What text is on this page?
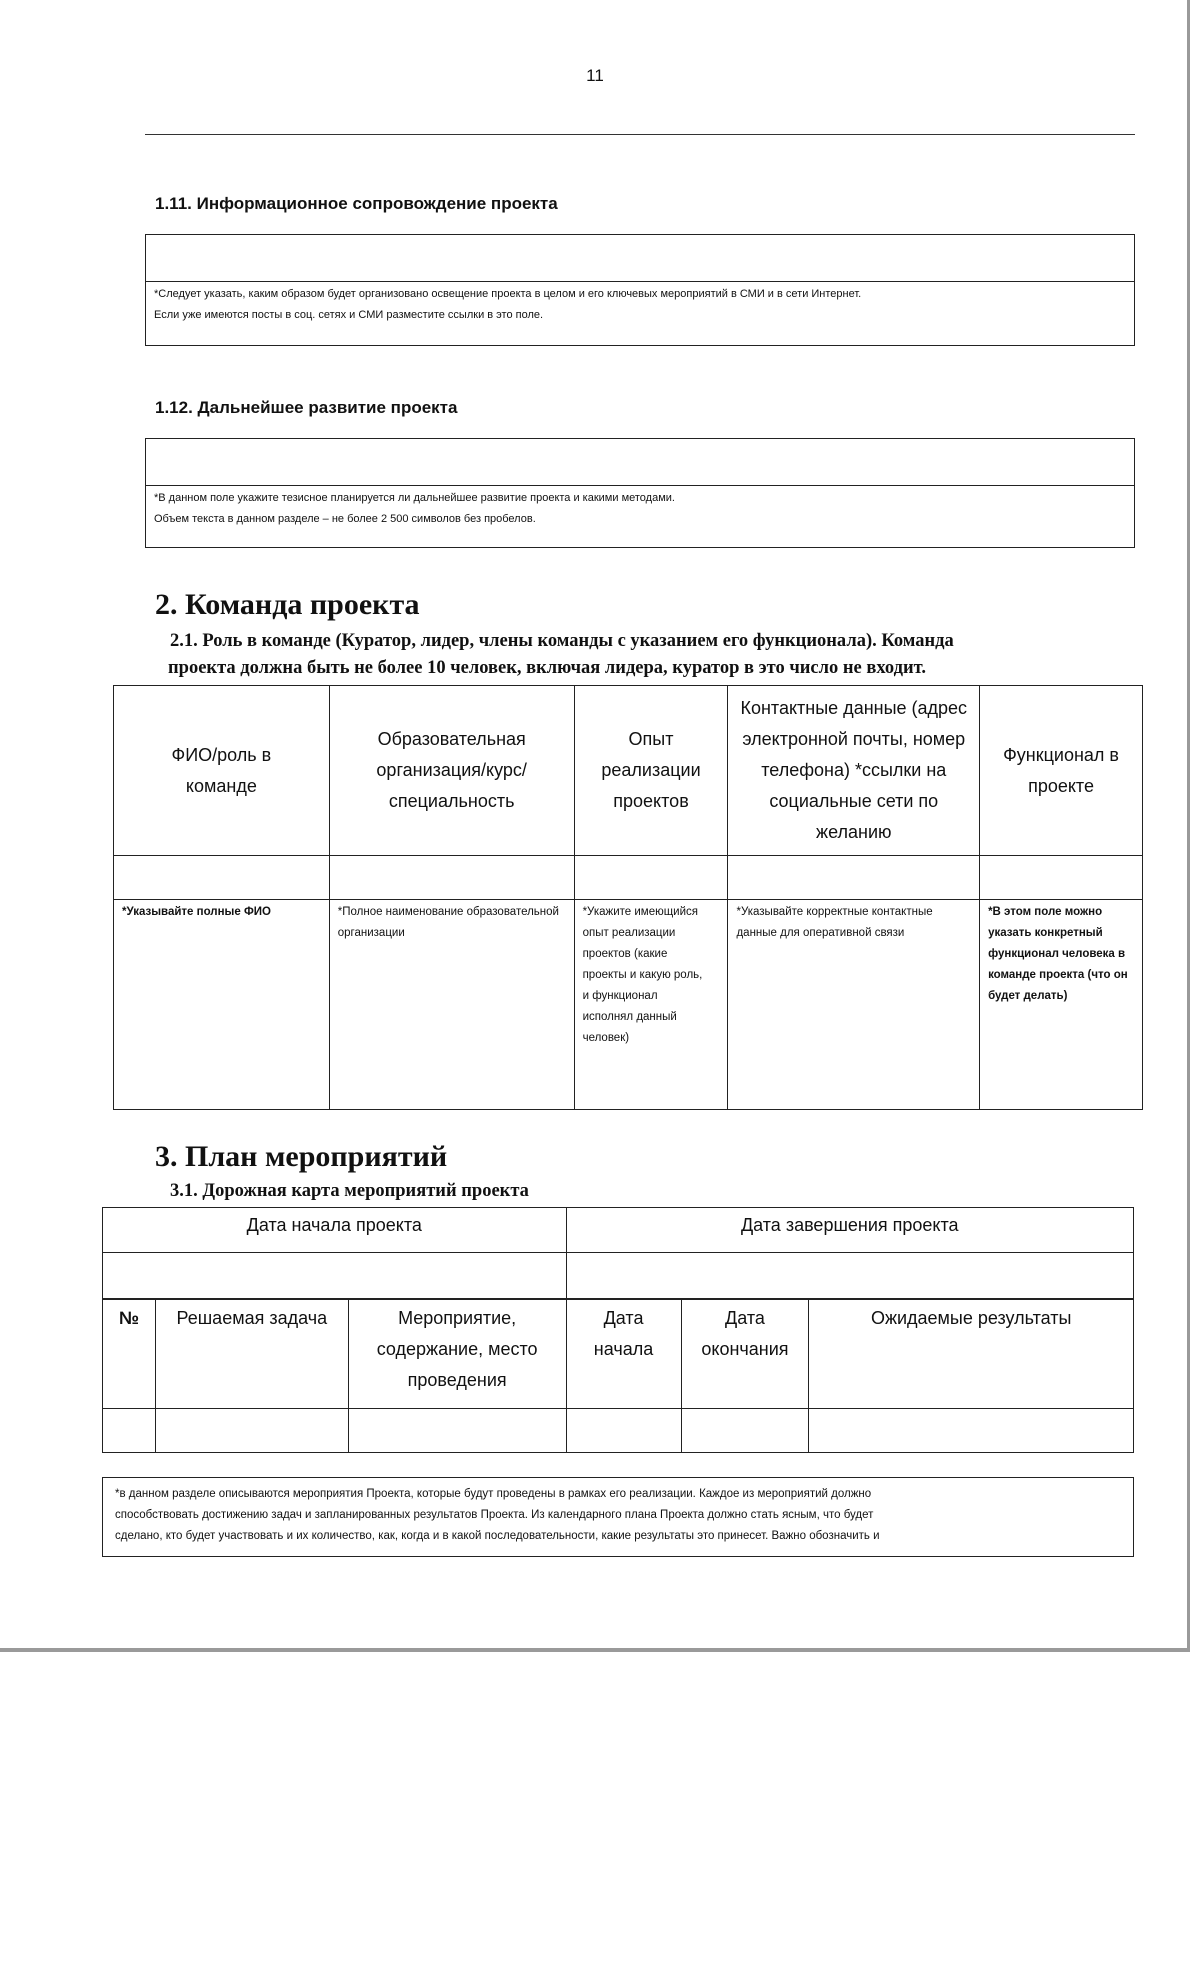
11
1.11. Информационное сопровождение проекта
*Следует указать, каким образом будет организовано освещение проекта в целом и его ключевых мероприятий в СМИ и в сети Интернет.
Если уже имеются посты в соц. сетях и СМИ разместите ссылки в это поле.
1.12. Дальнейшее развитие проекта
*В данном поле укажите тезисное планируется ли дальнейшее развитие проекта и какими методами.
Объем текста в данном разделе – не более 2 500 символов без пробелов.
2. Команда проекта
2.1. Роль в команде (Куратор, лидер, члены команды с указанием его функционала). Команда
проекта должна быть не более 10 человек, включая лидера, куратор в это число не входит.
ФИО/роль в команде	Образовательная организация/курс/ специальность	Опыт реализации проектов	Контактные данные (адрес электронной почты, номер телефона) *ссылки на социальные сети по желанию	Функционал в проекте

*Указывайте полные ФИО	*Полное наименование образовательной организации	*Укажите имеющийся опыт реализации проектов (какие проекты и какую роль, и функционал исполнял данный человек)	*Указывайте корректные контактные данные для оперативной связи	*В этом поле можно указать конкретный функционал человека в команде проекта (что он будет делать)
3. План мероприятий
3.1. Дорожная карта мероприятий проекта
Дата начала проекта	Дата завершения проекта

№	Решаемая задача	Мероприятие, содержание, место проведения	Дата начала	Дата окончания	Ожидаемые результаты

*в данном разделе описываются мероприятия Проекта, которые будут проведены в рамках его реализации. Каждое из мероприятий должно
способствовать достижению задач и запланированных результатов Проекта. Из календарного плана Проекта должно стать ясным, что будет
сделано, кто будет участвовать и их количество, как, когда и в какой последовательности, какие результаты это принесет. Важно обозначить и
